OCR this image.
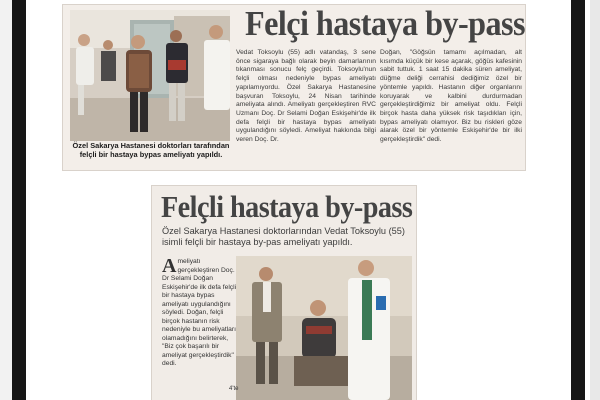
Özel Sakarya Hastanesi doktorları tarafından felçli bir hastaya bypas ameliyatı yapıldı.
Felçi hastaya by-pass
Vedat Toksoylu (55) adlı vatandaş, 3 sene önce sigaraya bağlı olarak beyin damarlarının tıkanması sonucu felç geçirdi. Toksoylu'nun felçli olması nedeniyle bypas ameliyatı yapılamıyordu. Özel Sakarya Hastanesine başvuran Toksoylu, 24 Nisan tarihinde ameliyata alındı. Ameliyatı gerçekleştiren RVC Uzmanı Doç. Dr Selami Doğan Eskişehir'de ilk defa felçli bir hastaya bypas ameliyatı uygulandığını söyledi. Ameliyat hakkında bilgi veren Doç. Dr.
Doğan, "Göğsün tamamı açılmadan, alt kısımda küçük bir kese açarak, göğüs kafesinin sabit tuttuk. 1 saat 15 dakika süren ameliyat, düğme deliği cerrahisi dediğimiz özel bir yöntemle yapıldı. Hastanın diğer organlarını koruyarak ve kalbini durdurmadan gerçekleştirdiğimiz bir ameliyat oldu. Felçli birçok hasta daha yüksek risk taşıdıkları için, bypas ameliyatı olamıyor. Biz bu riskleri göze alarak özel bir yöntemle Eskişehir'de bir ilki gerçekleştirdik" dedi.
Felçli hastaya by-pass
Özel Sakarya Hastanesi doktorlarından Vedat Toksoylu (55) isimli felçli bir hastaya by-pas ameliyatı yapıldı.
A meliyatı gerçekleştiren Doç. Dr Selami Doğan Eskişehir'de ilk defa felçli bir hastaya bypas ameliyatı uygulandığını söyledi. Doğan, felçli birçok hastanın risk nedeniyle bu ameliyatları olamadığını belirterek, "Biz çok başarılı bir ameliyat gerçekleştirdik" dedi.
4'te
